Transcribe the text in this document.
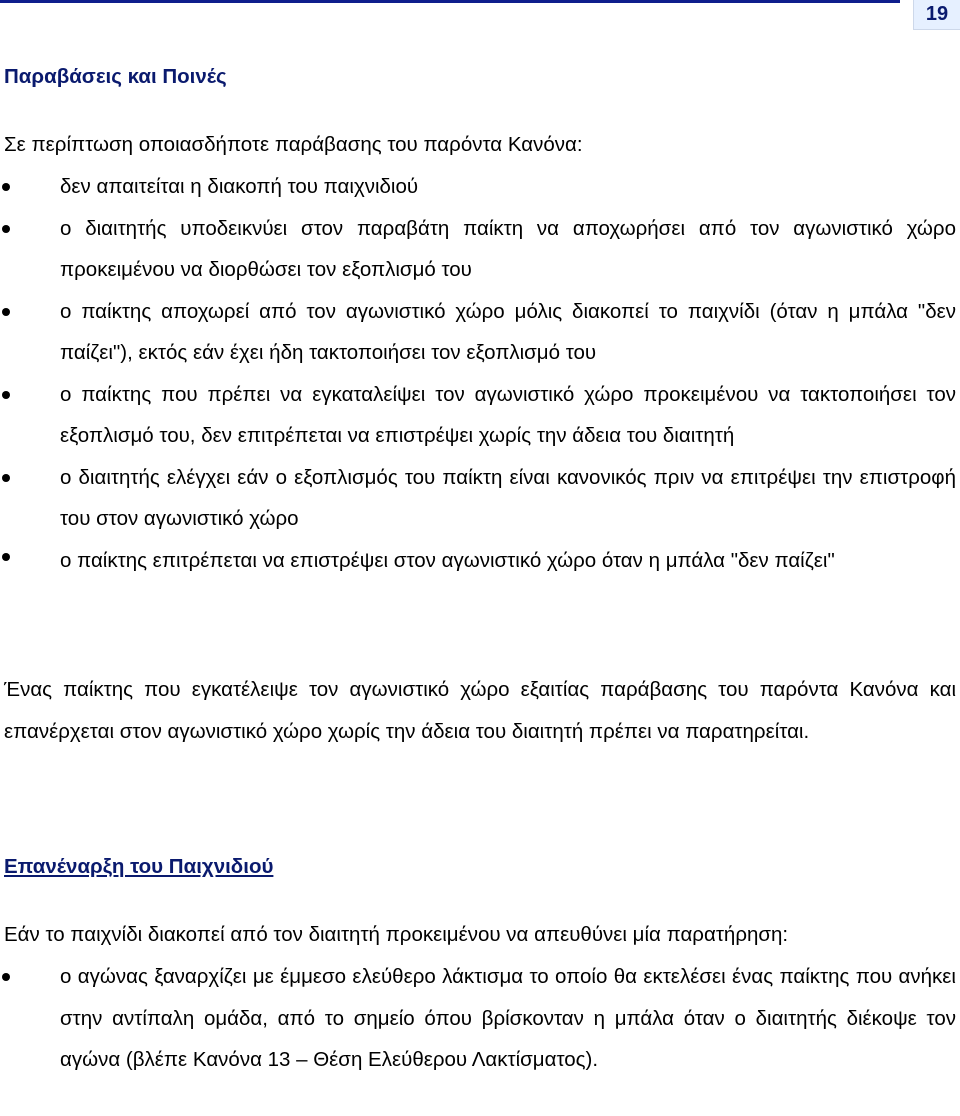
19
Παραβάσεις και Ποινές
Σε περίπτωση οποιασδήποτε παράβασης του παρόντα Κανόνα:
δεν απαιτείται η διακοπή του παιχνιδιού
ο διαιτητής υποδεικνύει στον παραβάτη παίκτη να αποχωρήσει από τον αγωνιστικό χώρο προκειμένου να διορθώσει τον εξοπλισμό του
ο παίκτης αποχωρεί από τον αγωνιστικό χώρο μόλις διακοπεί το παιχνίδι (όταν η μπάλα "δεν παίζει"), εκτός εάν έχει ήδη τακτοποιήσει τον εξοπλισμό του
ο παίκτης που πρέπει να εγκαταλείψει τον αγωνιστικό χώρο προκειμένου να τακτοποιήσει τον εξοπλισμό του, δεν επιτρέπεται να επιστρέψει χωρίς την άδεια του διαιτητή
ο διαιτητής ελέγχει εάν ο εξοπλισμός του παίκτη είναι κανονικός πριν να επιτρέψει την επιστροφή του στον αγωνιστικό χώρο
ο παίκτης επιτρέπεται να επιστρέψει στον αγωνιστικό χώρο όταν η μπάλα "δεν παίζει"
Ένας παίκτης που εγκατέλειψε τον αγωνιστικό χώρο εξαιτίας παράβασης του παρόντα Κανόνα και επανέρχεται στον αγωνιστικό χώρο χωρίς την άδεια του διαιτητή πρέπει να παρατηρείται.
Επανέναρξη του Παιχνιδιού
Εάν το παιχνίδι διακοπεί από τον διαιτητή προκειμένου να απευθύνει μία παρατήρηση:
ο αγώνας ξαναρχίζει με έμμεσο ελεύθερο λάκτισμα το οποίο θα εκτελέσει ένας παίκτης που ανήκει στην αντίπαλη ομάδα, από το σημείο όπου βρίσκονταν η μπάλα όταν ο διαιτητής διέκοψε τον αγώνα (βλέπε Κανόνα 13 – Θέση Ελεύθερου Λακτίσματος).
